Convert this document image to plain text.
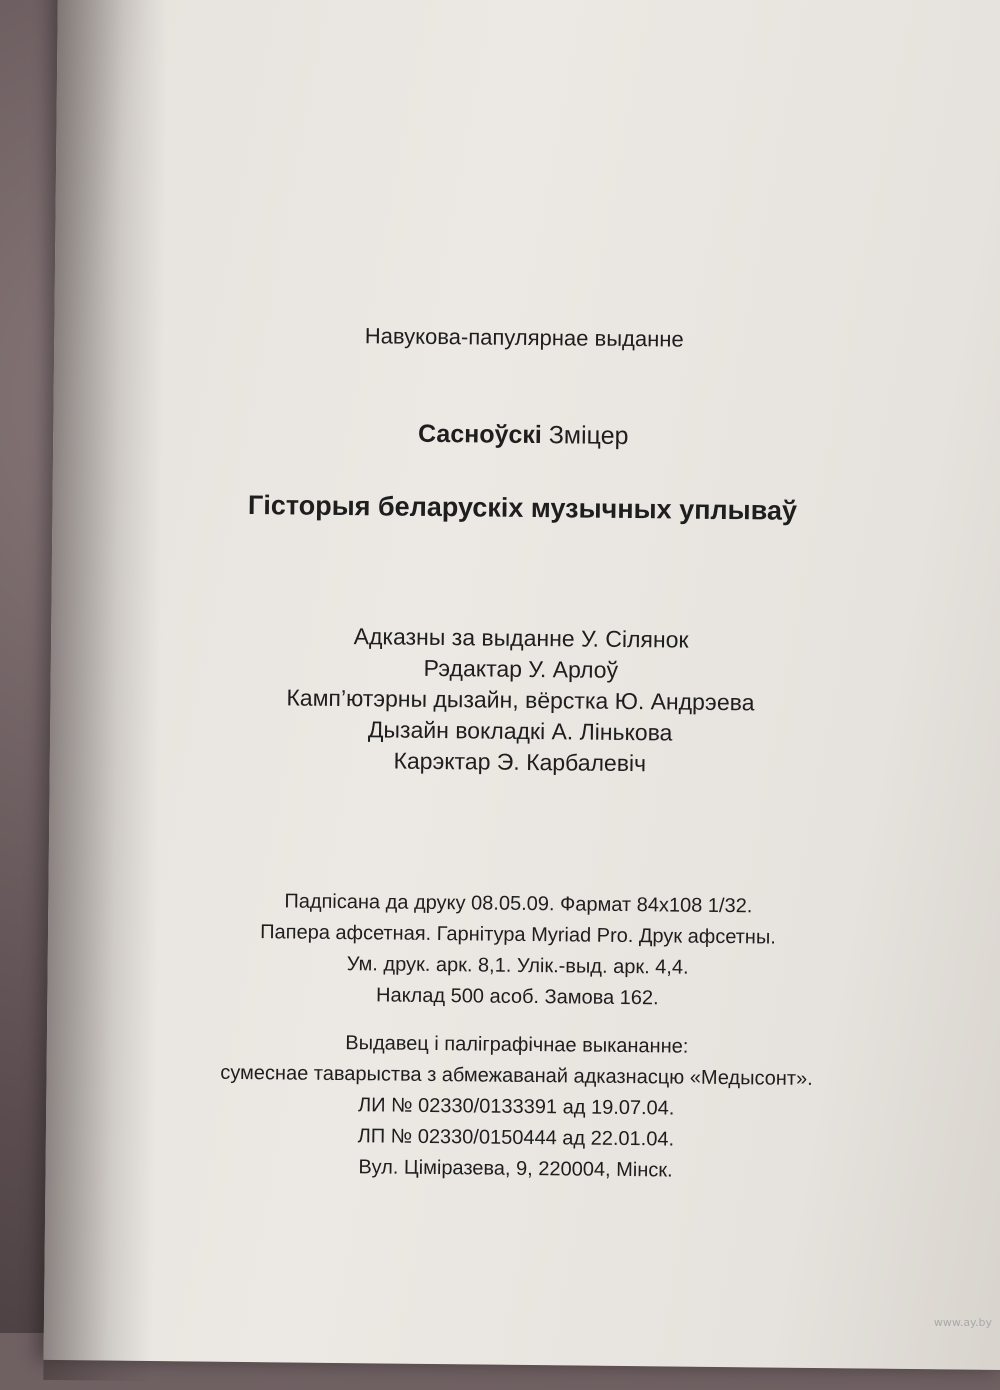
Навукова-папулярнае выданне
Сасноўскі Зміцер
Гісторыя беларускіх музычных уплываў
Адказны за выданне У. Сілянок
Рэдактар У. Арлоў
Камп’ютэрны дызайн, вёрстка Ю. Андрэева
Дызайн вокладкі А. Лінькова
Карэктар Э. Карбалевіч
Падпісана да друку 08.05.09. Фармат 84х108 1/32.
Папера афсетная. Гарнітура Myriad Pro. Друк афсетны.
Ум. друк. арк. 8,1. Улік.-выд. арк. 4,4.
Наклад 500 асоб. Замова 162.
Выдавец і паліграфічнае выкананне:
сумеснае таварыства з абмежаванай адказнасцю «Медысонт».
ЛИ № 02330/0133391 ад 19.07.04.
ЛП № 02330/0150444 ад 22.01.04.
Вул. Ціміразева, 9, 220004, Мінск.
www.ay.by
